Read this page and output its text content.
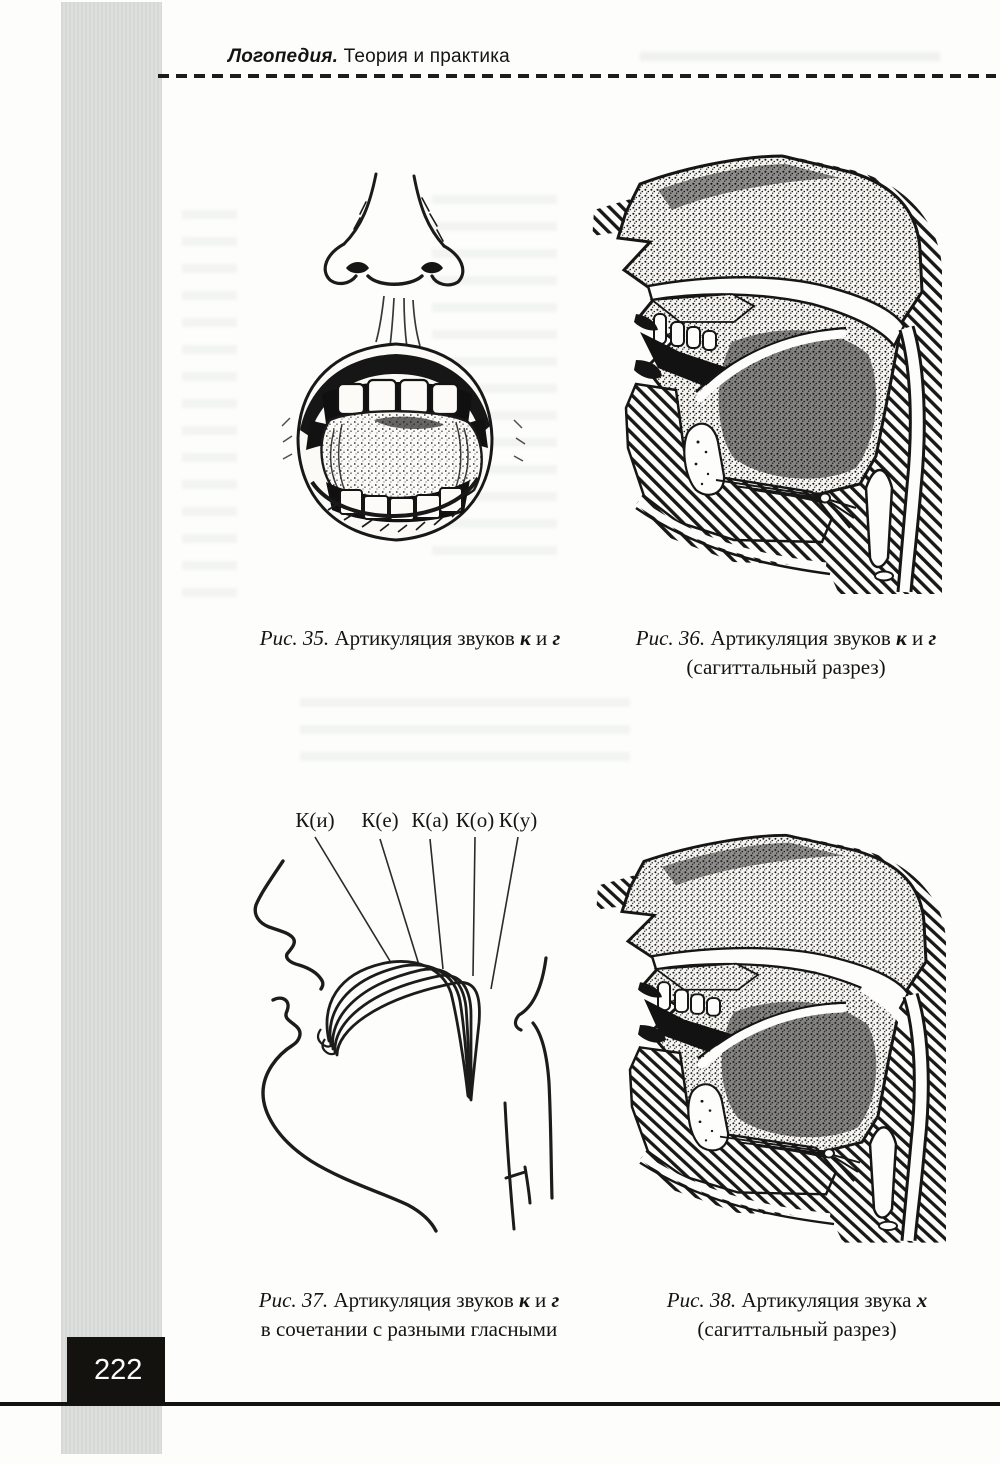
Логопедия. Теория и практика
Рис. 35. Артикуляция звуков к и г	Рис. 36. Артикуляция звуков к и г
(сагиттальный разрез)
К(и) К(е) К(а) К(о) К(у)
Рис. 37. Артикуляция звуков к и г
в сочетании с разными гласными
Рис. 38. Артикуляция звука х
(сагиттальный разрез)
222
